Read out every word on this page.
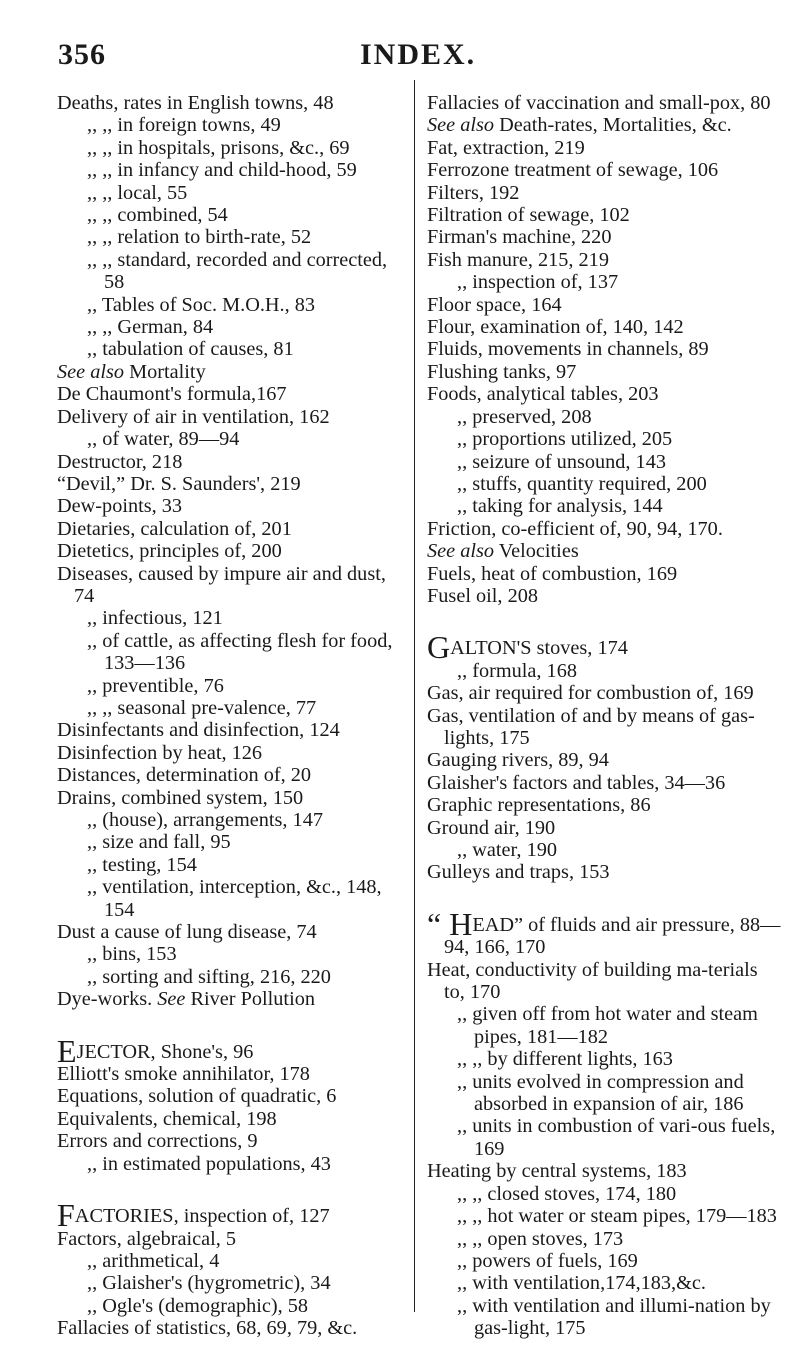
356	INDEX.
Deaths, rates in English towns, 48
,, ,, in foreign towns, 49
,, ,, in hospitals, prisons, &c., 69
,, ,, in infancy and child-hood, 59
,, ,, local, 55
,, ,, combined, 54
,, ,, relation to birth-rate, 52
,, ,, standard, recorded and corrected, 58
,, Tables of Soc. M.O.H., 83
,, ,, German, 84
,, tabulation of causes, 81
See also Mortality
De Chaumont's formula,167
Delivery of air in ventilation, 162
,, of water, 89—94
Destructor, 218
“Devil,” Dr. S. Saunders', 219
Dew-points, 33
Dietaries, calculation of, 201
Dietetics, principles of, 200
Diseases, caused by impure air and dust, 74
,, infectious, 121
,, of cattle, as affecting flesh for food, 133—136
,, preventible, 76
,, ,, seasonal pre-valence, 77
Disinfectants and disinfection, 124
Disinfection by heat, 126
Distances, determination of, 20
Drains, combined system, 150
,, (house), arrangements, 147
,, size and fall, 95
,, testing, 154
,, ventilation, interception, &c., 148, 154
Dust a cause of lung disease, 74
,, bins, 153
,, sorting and sifting, 216, 220
Dye-works. See River Pollution
EJECTOR, Shone's, 96
Elliott's smoke annihilator, 178
Equations, solution of quadratic, 6
Equivalents, chemical, 198
Errors and corrections, 9
,, in estimated populations, 43
FACTORIES, inspection of, 127
Factors, algebraical, 5
,, arithmetical, 4
,, Glaisher's (hygrometric), 34
,, Ogle's (demographic), 58
Fallacies of statistics, 68, 69, 79, &c.
Fallacies of vaccination and small-pox, 80
See also Death-rates, Mortalities, &c.
Fat, extraction, 219
Ferrozone treatment of sewage, 106
Filters, 192
Filtration of sewage, 102
Firman's machine, 220
Fish manure, 215, 219
,, inspection of, 137
Floor space, 164
Flour, examination of, 140, 142
Fluids, movements in channels, 89
Flushing tanks, 97
Foods, analytical tables, 203
,, preserved, 208
,, proportions utilized, 205
,, seizure of unsound, 143
,, stuffs, quantity required, 200
,, taking for analysis, 144
Friction, co-efficient of, 90, 94, 170.
See also Velocities
Fuels, heat of combustion, 169
Fusel oil, 208
GALTON'S stoves, 174
,, formula, 168
Gas, air required for combustion of, 169
Gas, ventilation of and by means of gas-lights, 175
Gauging rivers, 89, 94
Glaisher's factors and tables, 34—36
Graphic representations, 86
Ground air, 190
,, water, 190
Gulleys and traps, 153
“ HEAD” of fluids and air pressure, 88—94, 166, 170
Heat, conductivity of building ma-terials to, 170
,, given off from hot water and steam pipes, 181—182
,, ,, by different lights, 163
,, units evolved in compression and absorbed in expansion of air, 186
,, units in combustion of vari-ous fuels, 169
Heating by central systems, 183
,, ,, closed stoves, 174, 180
,, ,, hot water or steam pipes, 179—183
,, ,, open stoves, 173
,, powers of fuels, 169
,, with ventilation,174,183,&c.
,, with ventilation and illumi-nation by gas-light, 175
